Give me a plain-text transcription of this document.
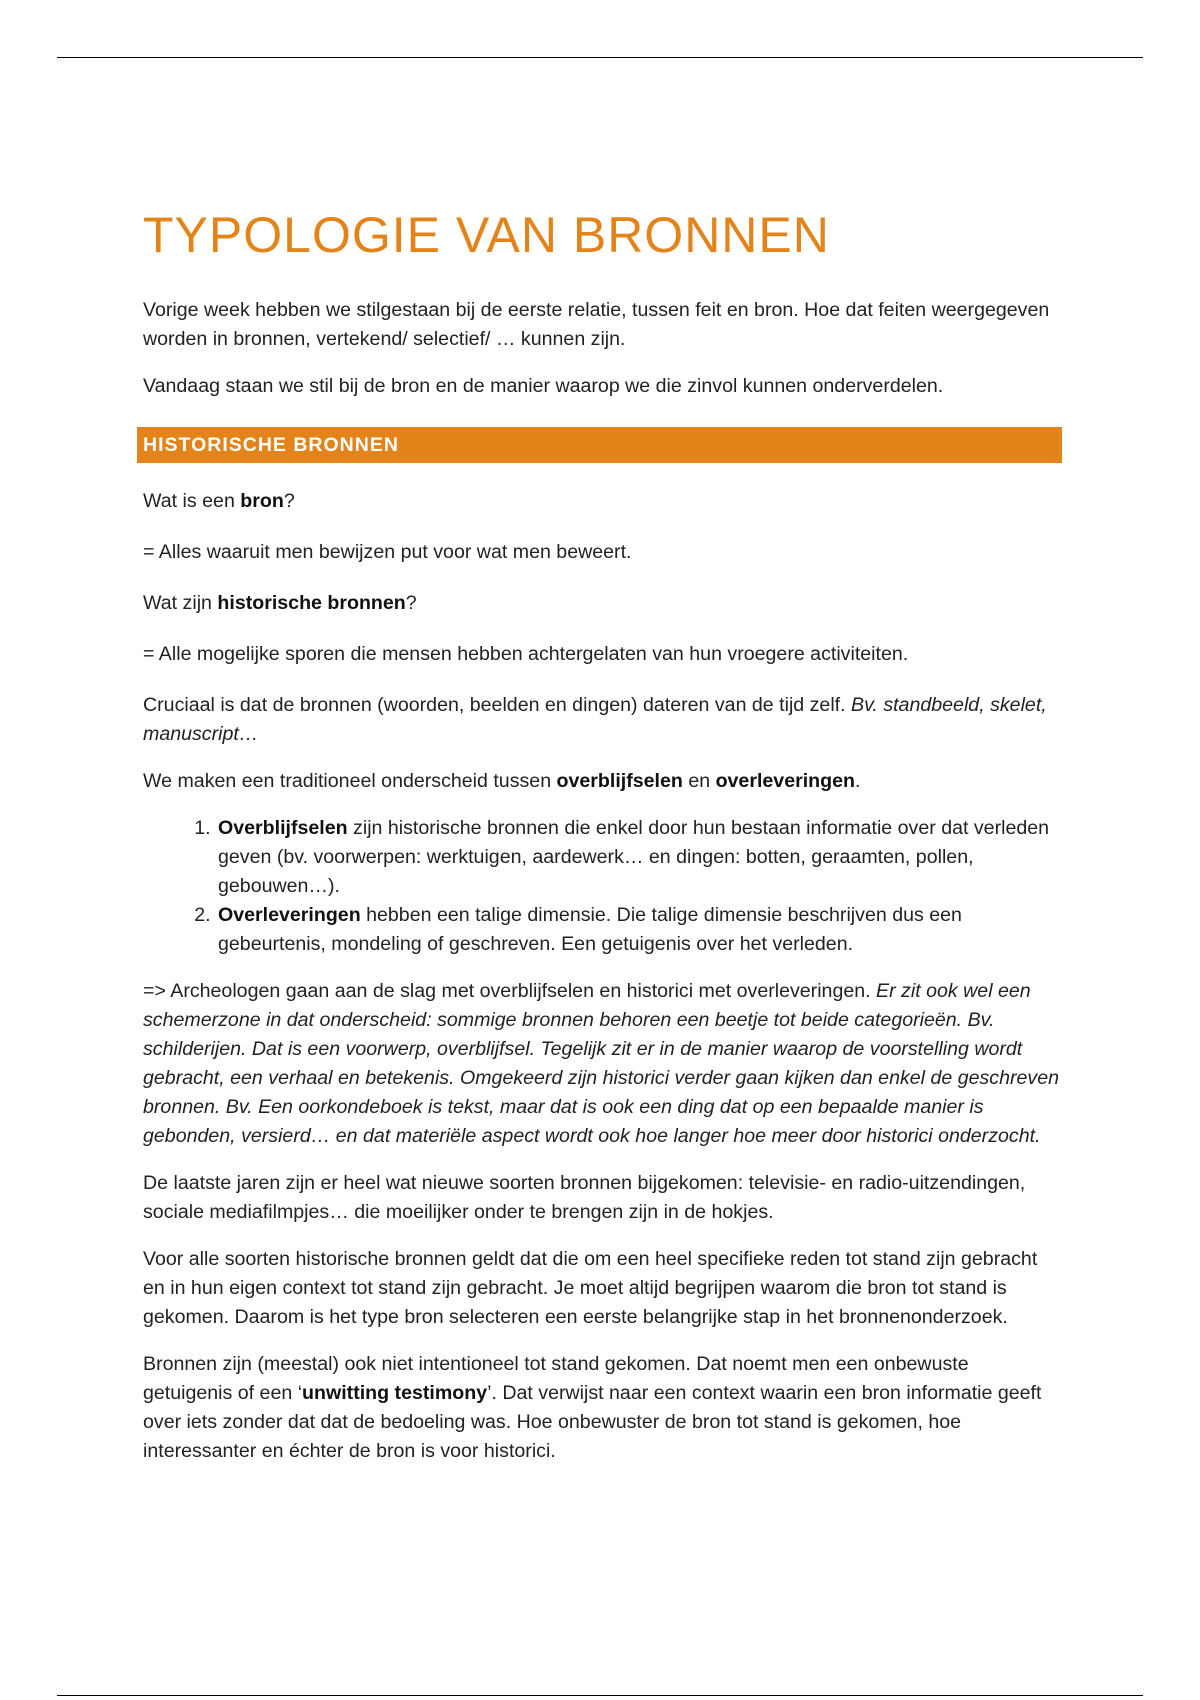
TYPOLOGIE VAN BRONNEN

Vorige week hebben we stilgestaan bij de eerste relatie, tussen feit en bron. Hoe dat feiten weergegeven worden in bronnen, vertekend/ selectief/ … kunnen zijn.

Vandaag staan we stil bij de bron en de manier waarop we die zinvol kunnen onderverdelen.

HISTORISCHE BRONNEN

Wat is een bron?

= Alles waaruit men bewijzen put voor wat men beweert.

Wat zijn historische bronnen?

= Alle mogelijke sporen die mensen hebben achtergelaten van hun vroegere activiteiten.

Cruciaal is dat de bronnen (woorden, beelden en dingen) dateren van de tijd zelf. Bv. standbeeld, skelet, manuscript…

We maken een traditioneel onderscheid tussen overblijfselen en overleveringen.

1. Overblijfselen zijn historische bronnen die enkel door hun bestaan informatie over dat verleden geven (bv. voorwerpen: werktuigen, aardewerk… en dingen: botten, geraamten, pollen, gebouwen…).
2. Overleveringen hebben een talige dimensie. Die talige dimensie beschrijven dus een gebeurtenis, mondeling of geschreven. Een getuigenis over het verleden.

=> Archeologen gaan aan de slag met overblijfselen en historici met overleveringen. Er zit ook wel een schemerzone in dat onderscheid: sommige bronnen behoren een beetje tot beide categorieën. Bv. schilderijen. Dat is een voorwerp, overblijfsel. Tegelijk zit er in de manier waarop de voorstelling wordt gebracht, een verhaal en betekenis. Omgekeerd zijn historici verder gaan kijken dan enkel de geschreven bronnen. Bv. Een oorkondeboek is tekst, maar dat is ook een ding dat op een bepaalde manier is gebonden, versierd… en dat materiële aspect wordt ook hoe langer hoe meer door historici onderzocht.

De laatste jaren zijn er heel wat nieuwe soorten bronnen bijgekomen: televisie- en radio-uitzendingen, sociale mediafilmpjes… die moeilijker onder te brengen zijn in de hokjes.

Voor alle soorten historische bronnen geldt dat die om een heel specifieke reden tot stand zijn gebracht en in hun eigen context tot stand zijn gebracht. Je moet altijd begrijpen waarom die bron tot stand is gekomen. Daarom is het type bron selecteren een eerste belangrijke stap in het bronnenonderzoek.

Bronnen zijn (meestal) ook niet intentioneel tot stand gekomen. Dat noemt men een onbewuste getuigenis of een ‘unwitting testimony’. Dat verwijst naar een context waarin een bron informatie geeft over iets zonder dat dat de bedoeling was. Hoe onbewuster de bron tot stand is gekomen, hoe interessanter en échter de bron is voor historici.
